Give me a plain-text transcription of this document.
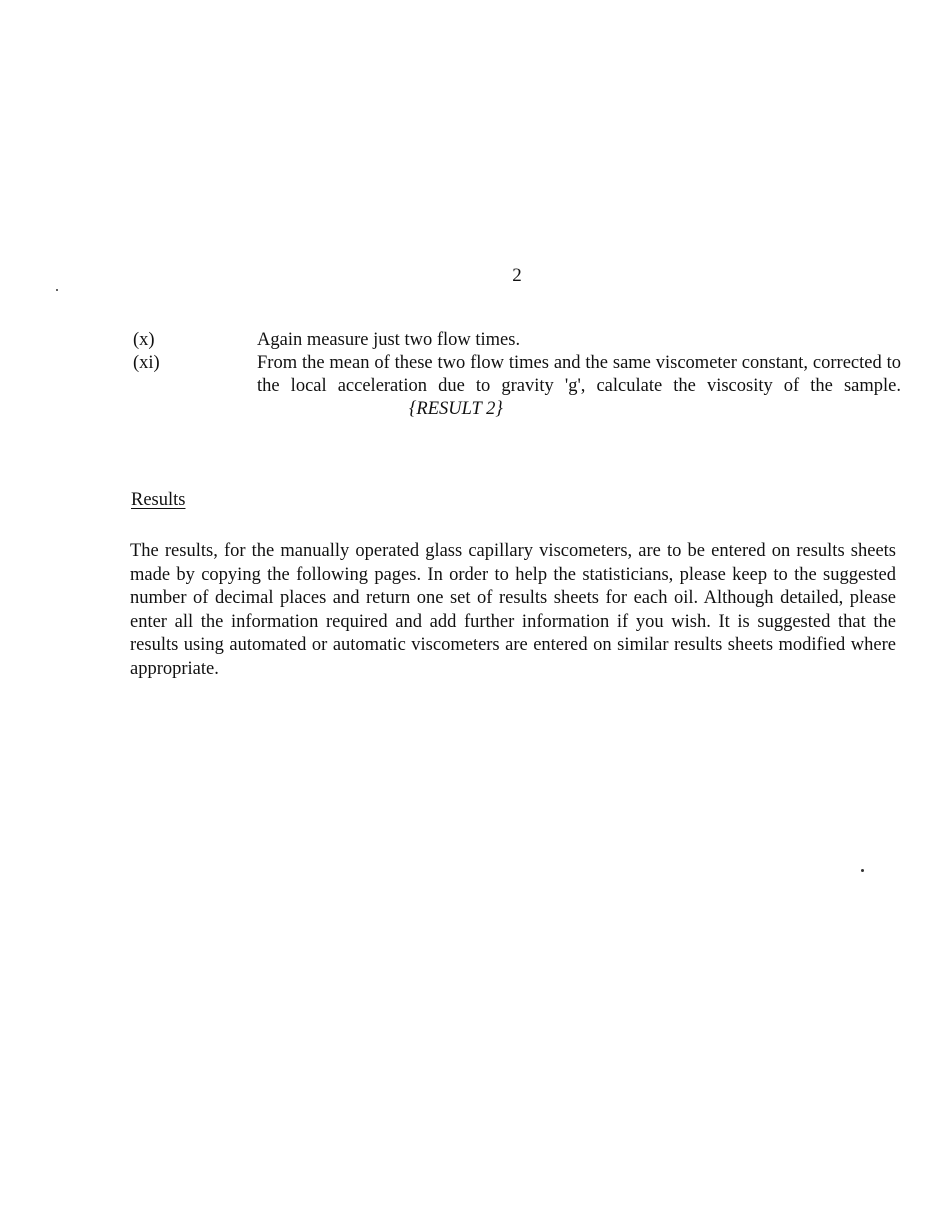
2
(x)	Again measure just two flow times.
(xi)	From the mean of these two flow times and the same viscometer constant, corrected to the local acceleration due to gravity 'g', calculate the viscosity of the sample.{RESULT 2}
Results

The results, for the manually operated glass capillary viscometers, are to be entered on results sheets made by copying the following pages. In order to help the statisticians, please keep to the suggested number of decimal places and return one set of results sheets for each oil. Although detailed, please enter all the information required and add further information if you wish. It is suggested that the results using automated or automatic viscometers are entered on similar results sheets modified where appropriate.
